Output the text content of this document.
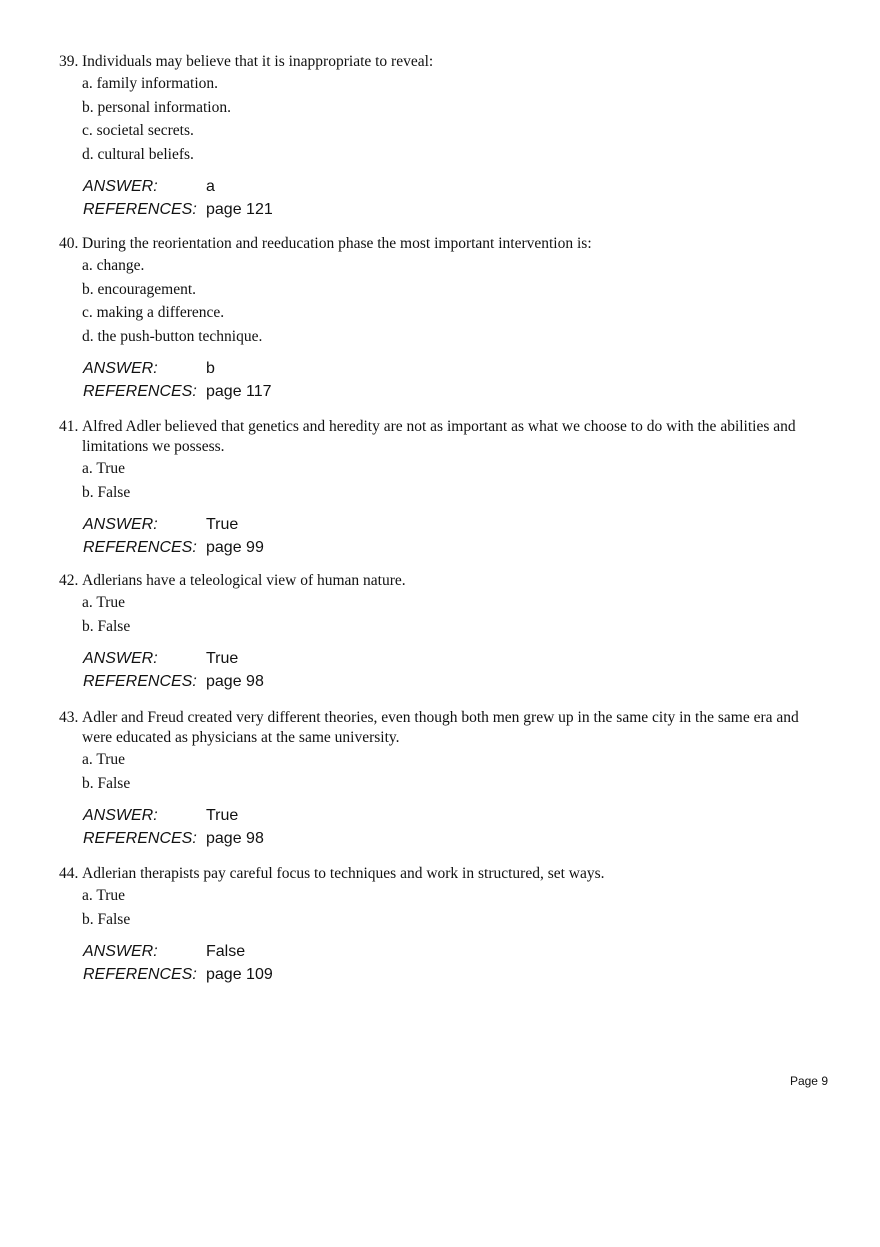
39. Individuals may believe that it is inappropriate to reveal:
a. family information.
b. personal information.
c. societal secrets.
d. cultural beliefs.
ANSWER:	a
REFERENCES: page 121
40. During the reorientation and reeducation phase the most important intervention is:
a. change.
b. encouragement.
c. making a difference.
d. the push-button technique.
ANSWER:	b
REFERENCES: page 117
41. Alfred Adler believed that genetics and heredity are not as important as what we choose to do with the abilities and limitations we possess.
a. True
b. False
ANSWER:	True
REFERENCES: page 99
42. Adlerians have a teleological view of human nature.
a. True
b. False
ANSWER:	True
REFERENCES: page 98
43. Adler and Freud created very different theories, even though both men grew up in the same city in the same era and were educated as physicians at the same university.
a. True
b. False
ANSWER:	True
REFERENCES: page 98
44. Adlerian therapists pay careful focus to techniques and work in structured, set ways.
a. True
b. False
ANSWER:	False
REFERENCES: page 109
Page 9
